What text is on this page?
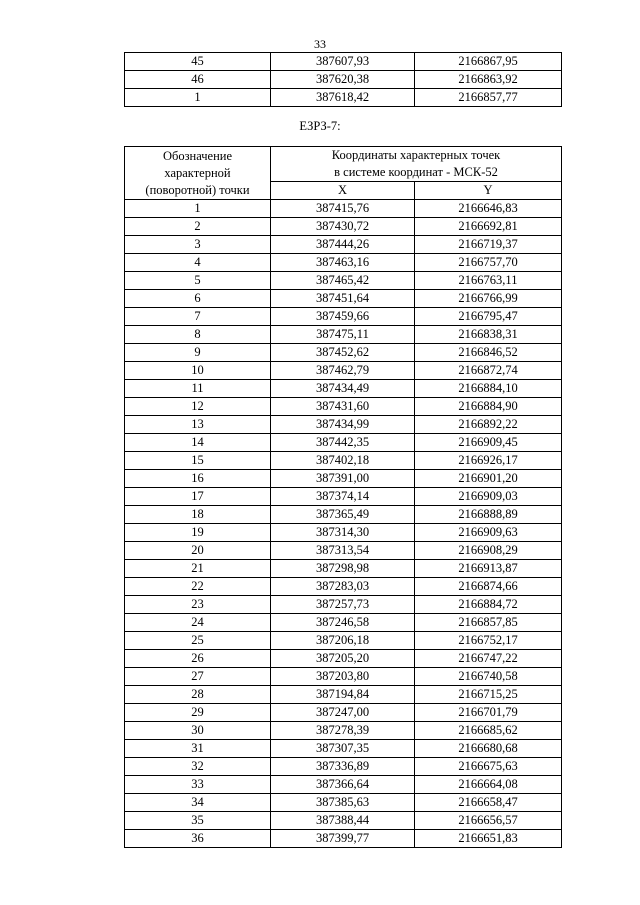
33
45	387607,93	2166867,95
46	387620,38	2166863,92
1	387618,42	2166857,77
ЕЗРЗ-7:
Обозначение
характерной
(поворотной) точки	Координаты характерных точек	
	в системе координат - МСК-52	
	X	Y
1	387415,76	2166646,83
2	387430,72	2166692,81
3	387444,26	2166719,37
4	387463,16	2166757,70
5	387465,42	2166763,11
6	387451,64	2166766,99
7	387459,66	2166795,47
8	387475,11	2166838,31
9	387452,62	2166846,52
10	387462,79	2166872,74
11	387434,49	2166884,10
12	387431,60	2166884,90
13	387434,99	2166892,22
14	387442,35	2166909,45
15	387402,18	2166926,17
16	387391,00	2166901,20
17	387374,14	2166909,03
18	387365,49	2166888,89
19	387314,30	2166909,63
20	387313,54	2166908,29
21	387298,98	2166913,87
22	387283,03	2166874,66
23	387257,73	2166884,72
24	387246,58	2166857,85
25	387206,18	2166752,17
26	387205,20	2166747,22
27	387203,80	2166740,58
28	387194,84	2166715,25
29	387247,00	2166701,79
30	387278,39	2166685,62
31	387307,35	2166680,68
32	387336,89	2166675,63
33	387366,64	2166664,08
34	387385,63	2166658,47
35	387388,44	2166656,57
36	387399,77	2166651,83
